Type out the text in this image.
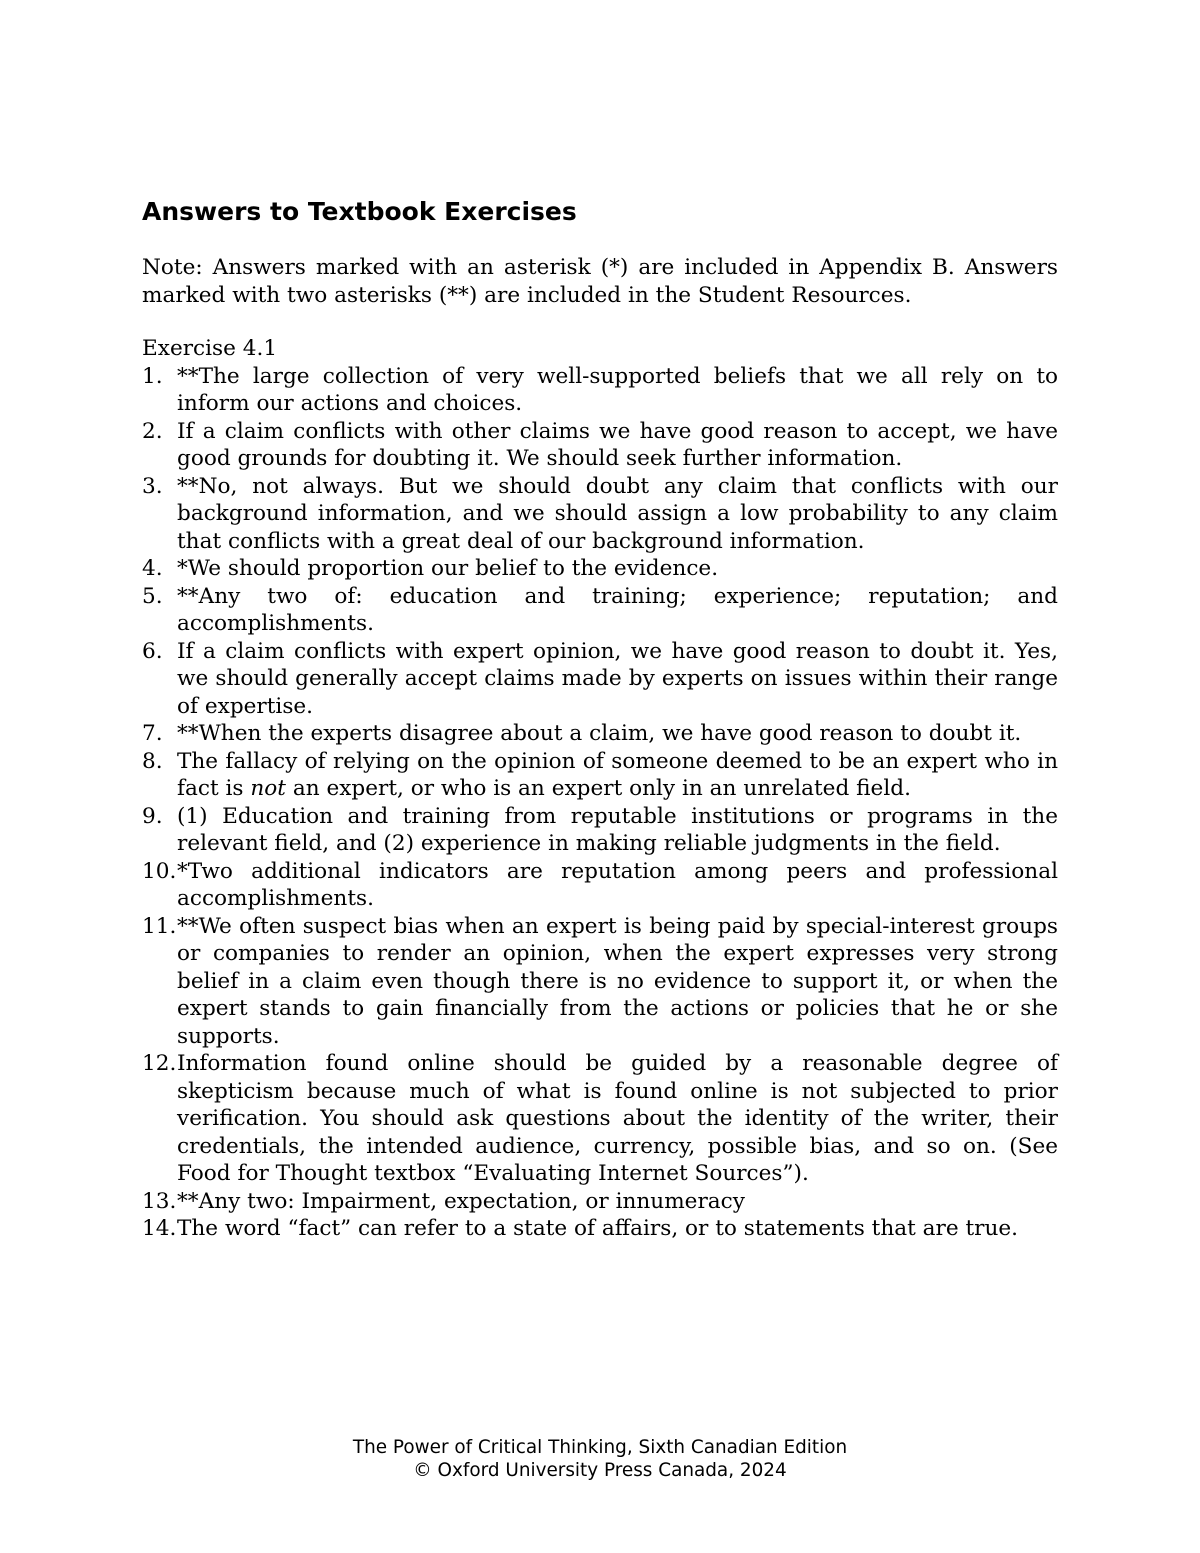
Answers to Textbook Exercises
Note: Answers marked with an asterisk (*) are included in Appendix B. Answers marked with two asterisks (**) are included in the Student Resources.
Exercise 4.1
1. **The large collection of very well-supported beliefs that we all rely on to inform our actions and choices.
2. If a claim conflicts with other claims we have good reason to accept, we have good grounds for doubting it. We should seek further information.
3. **No, not always. But we should doubt any claim that conflicts with our background information, and we should assign a low probability to any claim that conflicts with a great deal of our background information.
4. *We should proportion our belief to the evidence.
5. **Any two of: education and training; experience; reputation; and accomplishments.
6. If a claim conflicts with expert opinion, we have good reason to doubt it. Yes, we should generally accept claims made by experts on issues within their range of expertise.
7. **When the experts disagree about a claim, we have good reason to doubt it.
8. The fallacy of relying on the opinion of someone deemed to be an expert who in fact is not an expert, or who is an expert only in an unrelated field.
9. (1) Education and training from reputable institutions or programs in the relevant field, and (2) experience in making reliable judgments in the field.
10. *Two additional indicators are reputation among peers and professional accomplishments.
11. **We often suspect bias when an expert is being paid by special-interest groups or companies to render an opinion, when the expert expresses very strong belief in a claim even though there is no evidence to support it, or when the expert stands to gain financially from the actions or policies that he or she supports.
12. Information found online should be guided by a reasonable degree of skepticism because much of what is found online is not subjected to prior verification. You should ask questions about the identity of the writer, their credentials, the intended audience, currency, possible bias, and so on. (See Food for Thought textbox “Evaluating Internet Sources”).
13. **Any two: Impairment, expectation, or innumeracy
14. The word “fact” can refer to a state of affairs, or to statements that are true.
The Power of Critical Thinking, Sixth Canadian Edition
© Oxford University Press Canada, 2024
